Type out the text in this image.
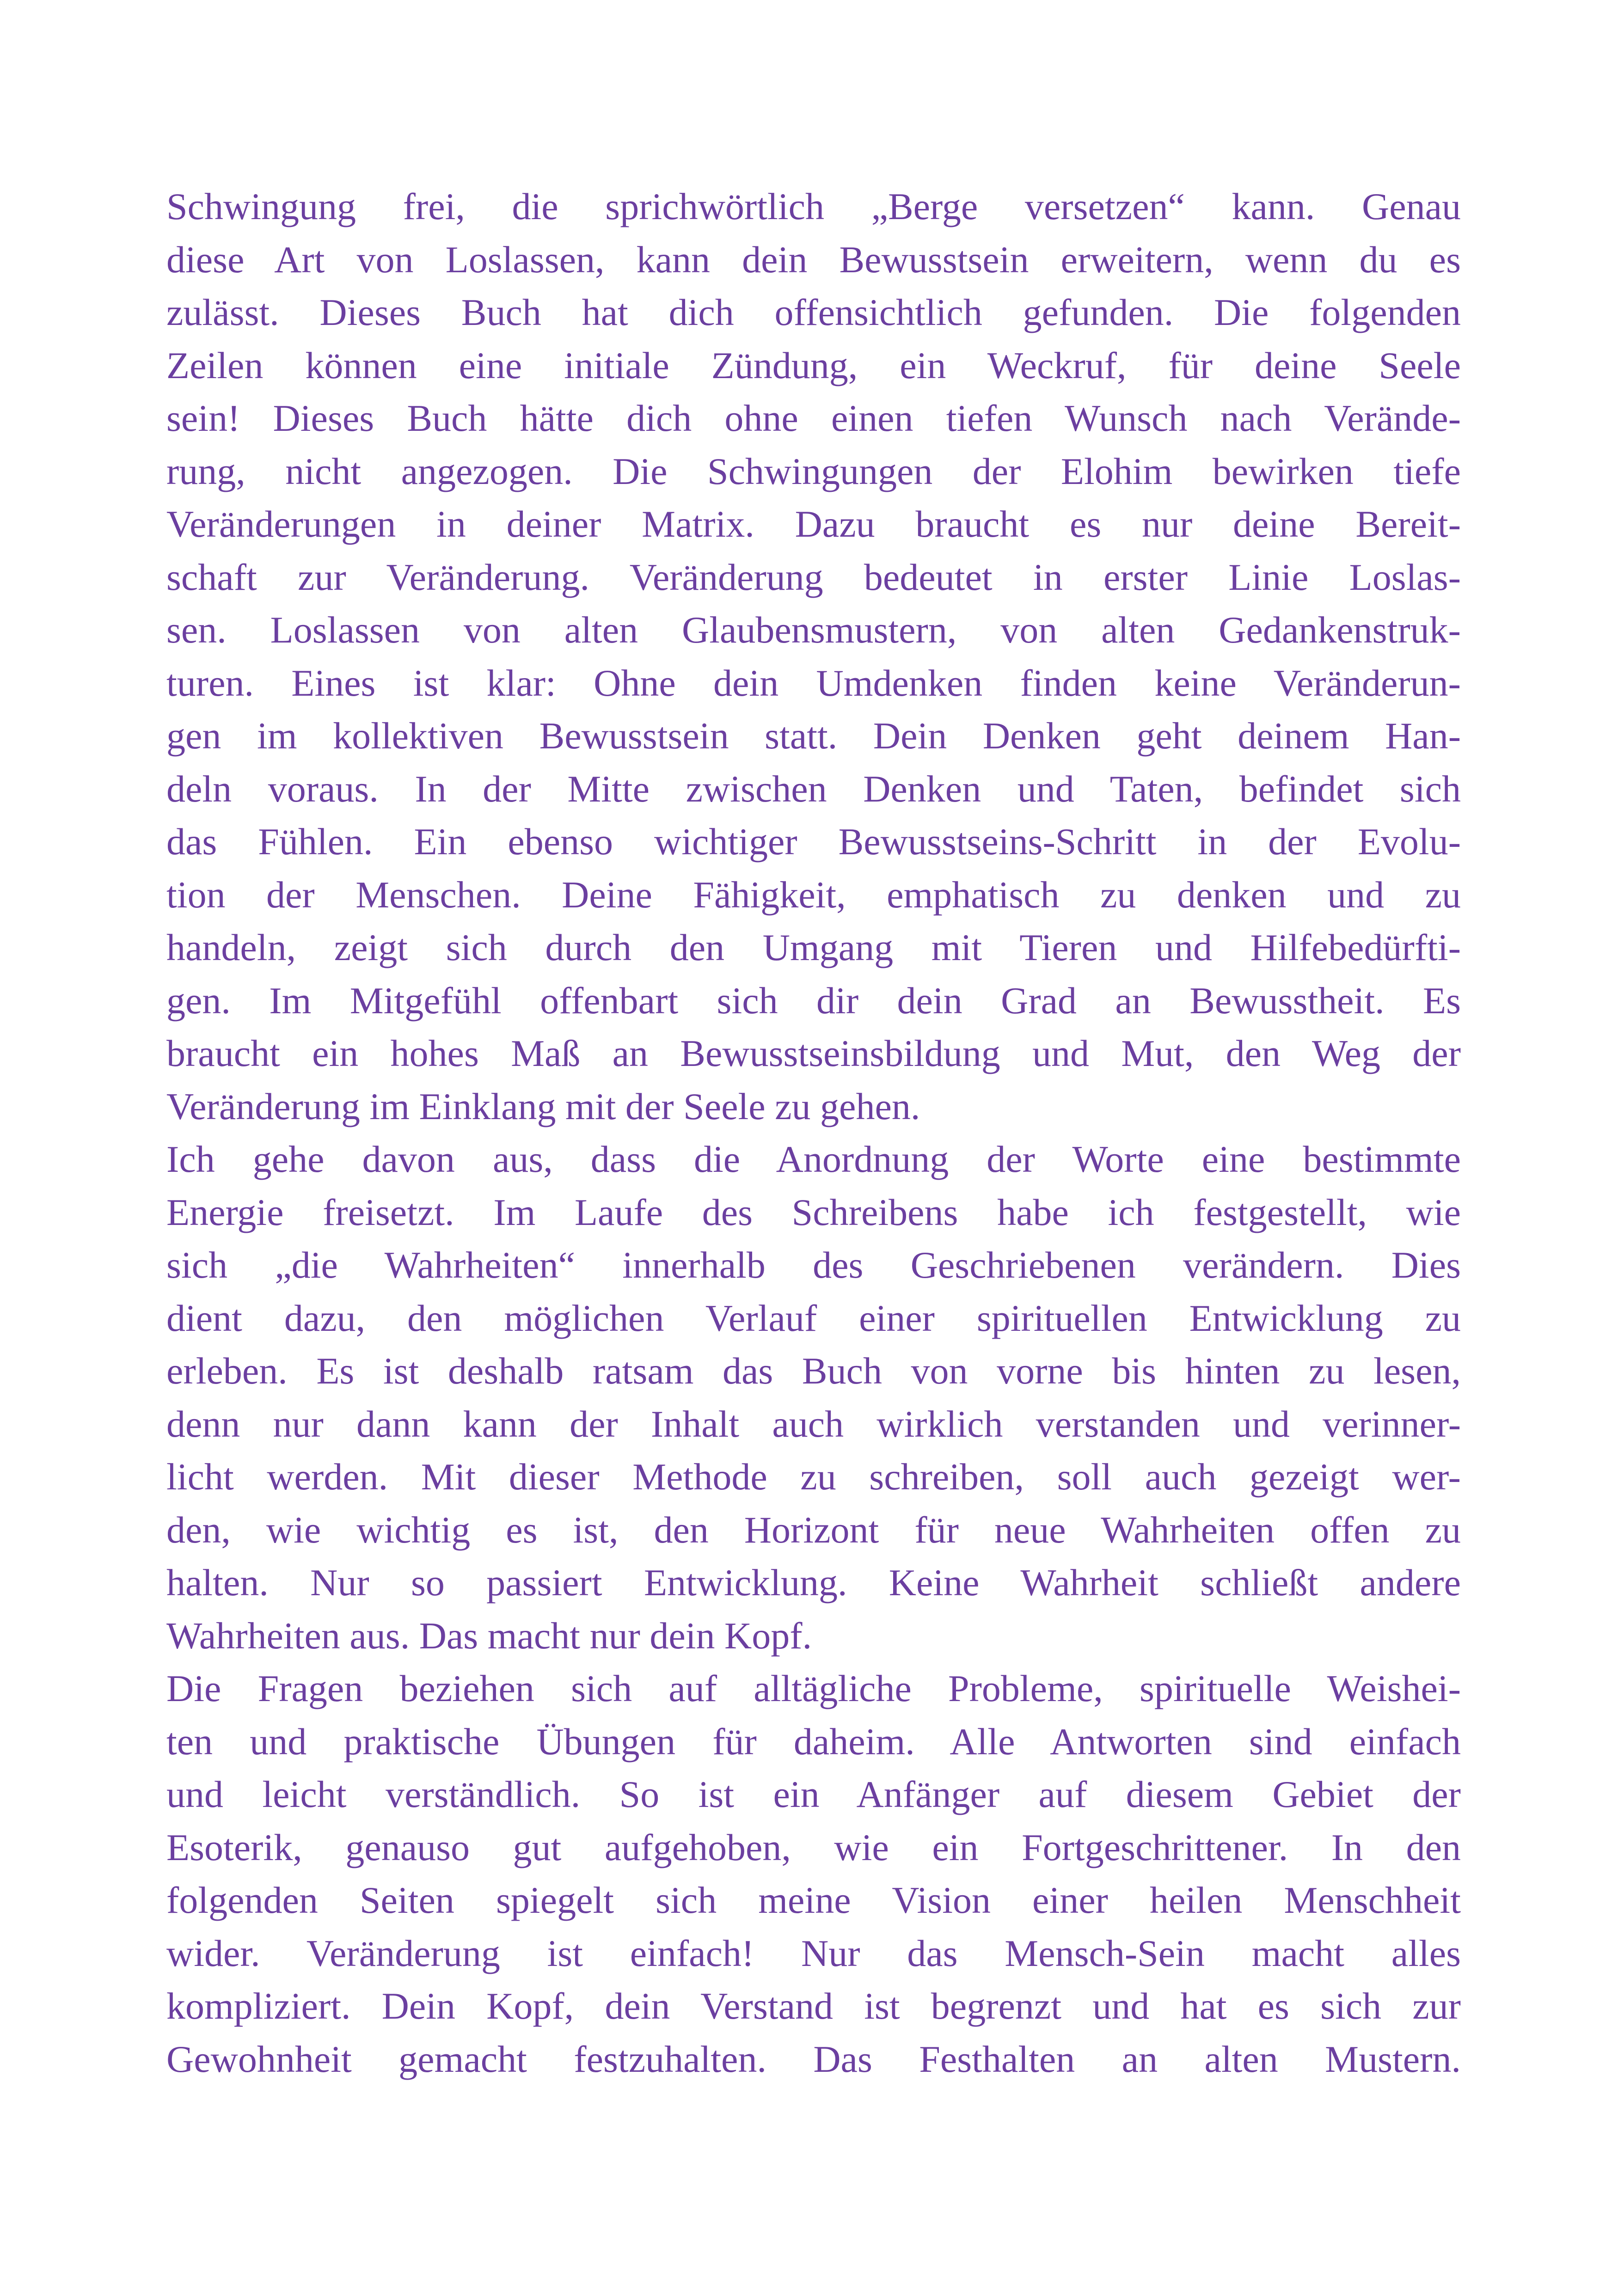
Schwingung frei, die sprichwörtlich „Berge versetzen“ kann. Genau
diese Art von Loslassen, kann dein Bewusstsein erweitern, wenn du es
zulässt. Dieses Buch hat dich offensichtlich gefunden. Die folgenden
Zeilen können eine initiale Zündung, ein Weckruf, für deine Seele
sein! Dieses Buch hätte dich ohne einen tiefen Wunsch nach Verände-
rung, nicht angezogen. Die Schwingungen der Elohim bewirken tiefe
Veränderungen in deiner Matrix. Dazu braucht es nur deine Bereit-
schaft zur Veränderung. Veränderung bedeutet in erster Linie Loslas-
sen. Loslassen von alten Glaubensmustern, von alten Gedankenstruk-
turen. Eines ist klar: Ohne dein Umdenken finden keine Veränderun-
gen im kollektiven Bewusstsein statt. Dein Denken geht deinem Han-
deln voraus. In der Mitte zwischen Denken und Taten, befindet sich
das Fühlen. Ein ebenso wichtiger Bewusstseins-Schritt in der Evolu-
tion der Menschen. Deine Fähigkeit, emphatisch zu denken und zu
handeln, zeigt sich durch den Umgang mit Tieren und Hilfebedürfti-
gen. Im Mitgefühl offenbart sich dir dein Grad an Bewusstheit. Es
braucht ein hohes Maß an Bewusstseinsbildung und Mut, den Weg der
Veränderung im Einklang mit der Seele zu gehen.
Ich gehe davon aus, dass die Anordnung der Worte eine bestimmte
Energie freisetzt. Im Laufe des Schreibens habe ich festgestellt, wie
sich „die Wahrheiten“ innerhalb des Geschriebenen verändern. Dies
dient dazu, den möglichen Verlauf einer spirituellen Entwicklung zu
erleben. Es ist deshalb ratsam das Buch von vorne bis hinten zu lesen,
denn nur dann kann der Inhalt auch wirklich verstanden und verinner-
licht werden. Mit dieser Methode zu schreiben, soll auch gezeigt wer-
den, wie wichtig es ist, den Horizont für neue Wahrheiten offen zu
halten. Nur so passiert Entwicklung. Keine Wahrheit schließt andere
Wahrheiten aus. Das macht nur dein Kopf.
Die Fragen beziehen sich auf alltägliche Probleme, spirituelle Weishei-
ten und praktische Übungen für daheim. Alle Antworten sind einfach
und leicht verständlich. So ist ein Anfänger auf diesem Gebiet der
Esoterik, genauso gut aufgehoben, wie ein Fortgeschrittener. In den
folgenden Seiten spiegelt sich meine Vision einer heilen Menschheit
wider. Veränderung ist einfach! Nur das Mensch-Sein macht alles
kompliziert. Dein Kopf, dein Verstand ist begrenzt und hat es sich zur
Gewohnheit gemacht festzuhalten. Das Festhalten an alten Mustern.
